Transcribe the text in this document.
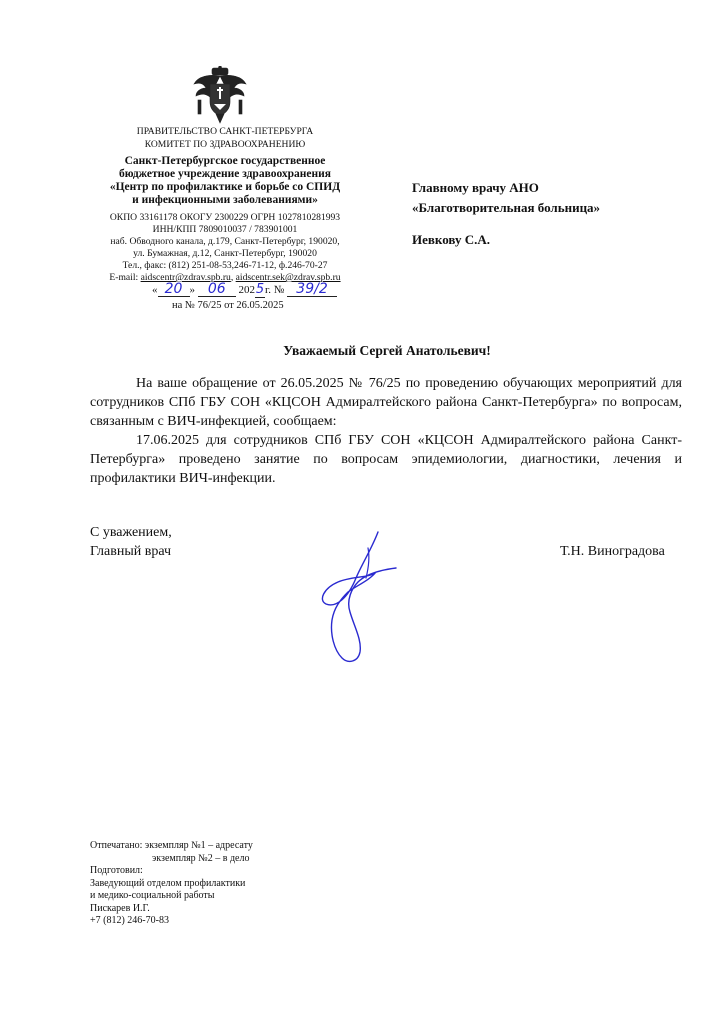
ПРАВИТЕЛЬСТВО САНКТ-ПЕТЕРБУРГА
КОМИТЕТ ПО ЗДРАВООХРАНЕНИЮ
Санкт-Петербургское государственное
бюджетное учреждение здравоохранения
«Центр по профилактике и борьбе со СПИД
и инфекционными заболеваниями»
ОКПО 33161178 ОКОГУ 2300229 ОГРН 1027810281993
ИНН/КПП 7809010037 / 783901001
наб. Обводного канала, д.179, Санкт-Петербург, 190020,
ул. Бумажная, д.12, Санкт-Петербург, 190020
Тел., факс: (812) 251-08-53,246-71-12, ф.246-70-27
E-mail: aidscentr@zdrav.spb.ru, aidscentr.sek@zdrav.spb.ru
« 20 » 06 2025г. № 39/2
на № 76/25 от 26.05.2025
Главному врачу АНО
«Благотворительная больница»
Иевкову С.А.
Уважаемый Сергей Анатольевич!
На ваше обращение от 26.05.2025 № 76/25 по проведению обучающих мероприятий для сотрудников СПб ГБУ СОН «КЦСОН Адмиралтейского района Санкт-Петербурга» по вопросам, связанным с ВИЧ-инфекцией, сообщаем:
17.06.2025 для сотрудников СПб ГБУ СОН «КЦСОН Адмиралтейского района Санкт-Петербурга» проведено занятие по вопросам эпидемиологии, диагностики, лечения и профилактики ВИЧ-инфекции.
С уважением,
Главный врач	Т.Н. Виноградова
Отпечатано: экземпляр №1 – адресату
экземпляр №2 – в дело
Подготовил:
Заведующий отделом профилактики
и медико-социальной работы
Пискарев И.Г.
+7 (812) 246-70-83
